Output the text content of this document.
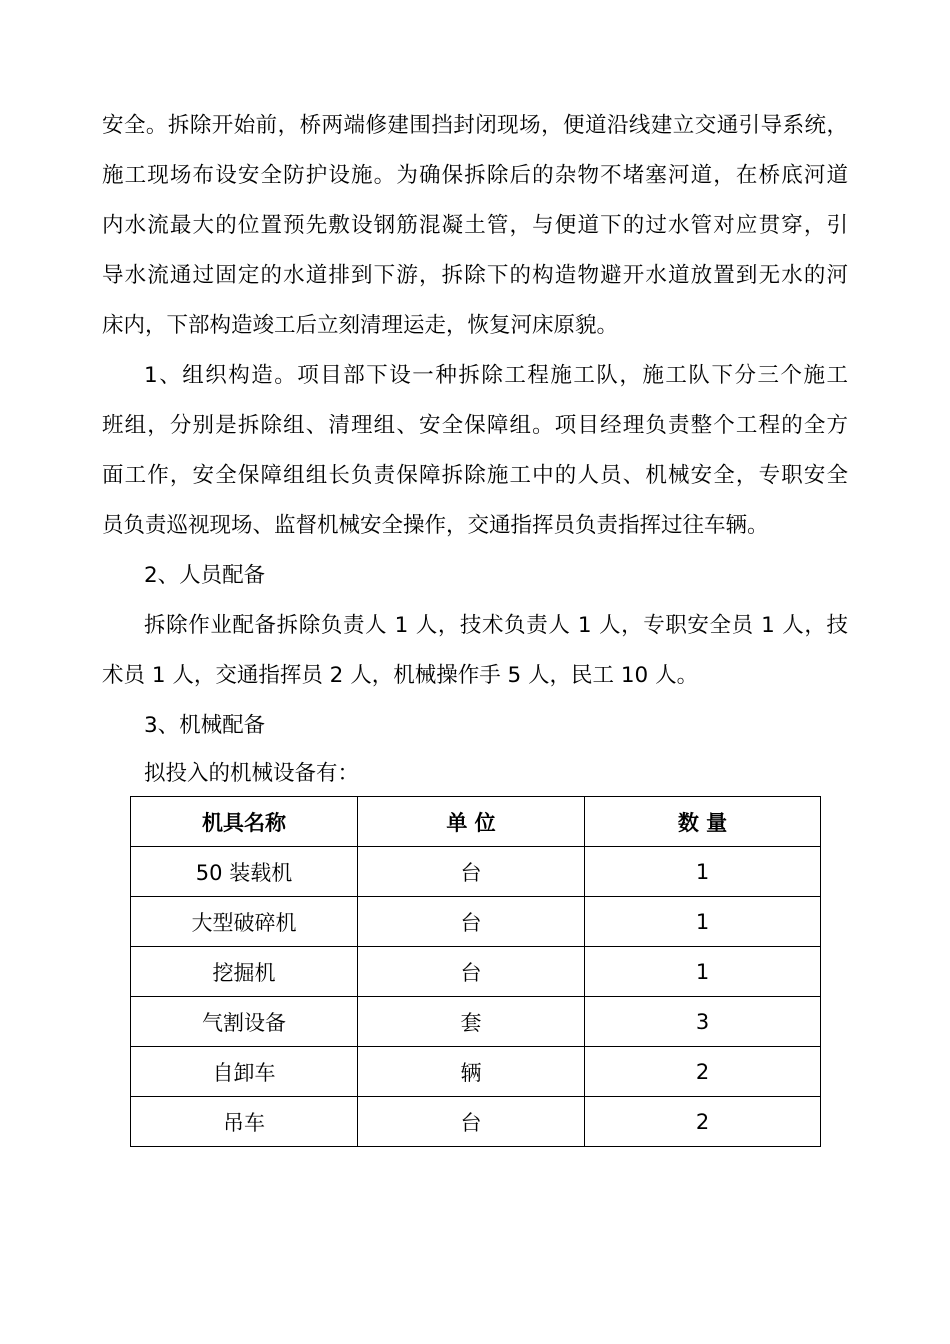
安全。拆除开始前，桥两端修建围挡封闭现场，便道沿线建立交通引导系统，
施工现场布设安全防护设施。为确保拆除后的杂物不堵塞河道，在桥底河道
内水流最大的位置预先敷设钢筋混凝土管，与便道下的过水管对应贯穿，引
导水流通过固定的水道排到下游，拆除下的构造物避开水道放置到无水的河
床内，下部构造竣工后立刻清理运走，恢复河床原貌。
1、组织构造。项目部下设一种拆除工程施工队，施工队下分三个施工
班组，分别是拆除组、清理组、安全保障组。项目经理负责整个工程的全方
面工作，安全保障组组长负责保障拆除施工中的人员、机械安全，专职安全
员负责巡视现场、监督机械安全操作，交通指挥员负责指挥过往车辆。
2、人员配备
拆除作业配备拆除负责人 1 人，技术负责人 1 人，专职安全员 1 人，技
术员 1 人，交通指挥员 2 人，机械操作手 5 人，民工 10 人。
3、机械配备
拟投入的机械设备有：
机具名称	单 位	数 量
50 装载机	台	1
大型破碎机	台	1
挖掘机	台	1
气割设备	套	3
自卸车	辆	2
吊车	台	2
